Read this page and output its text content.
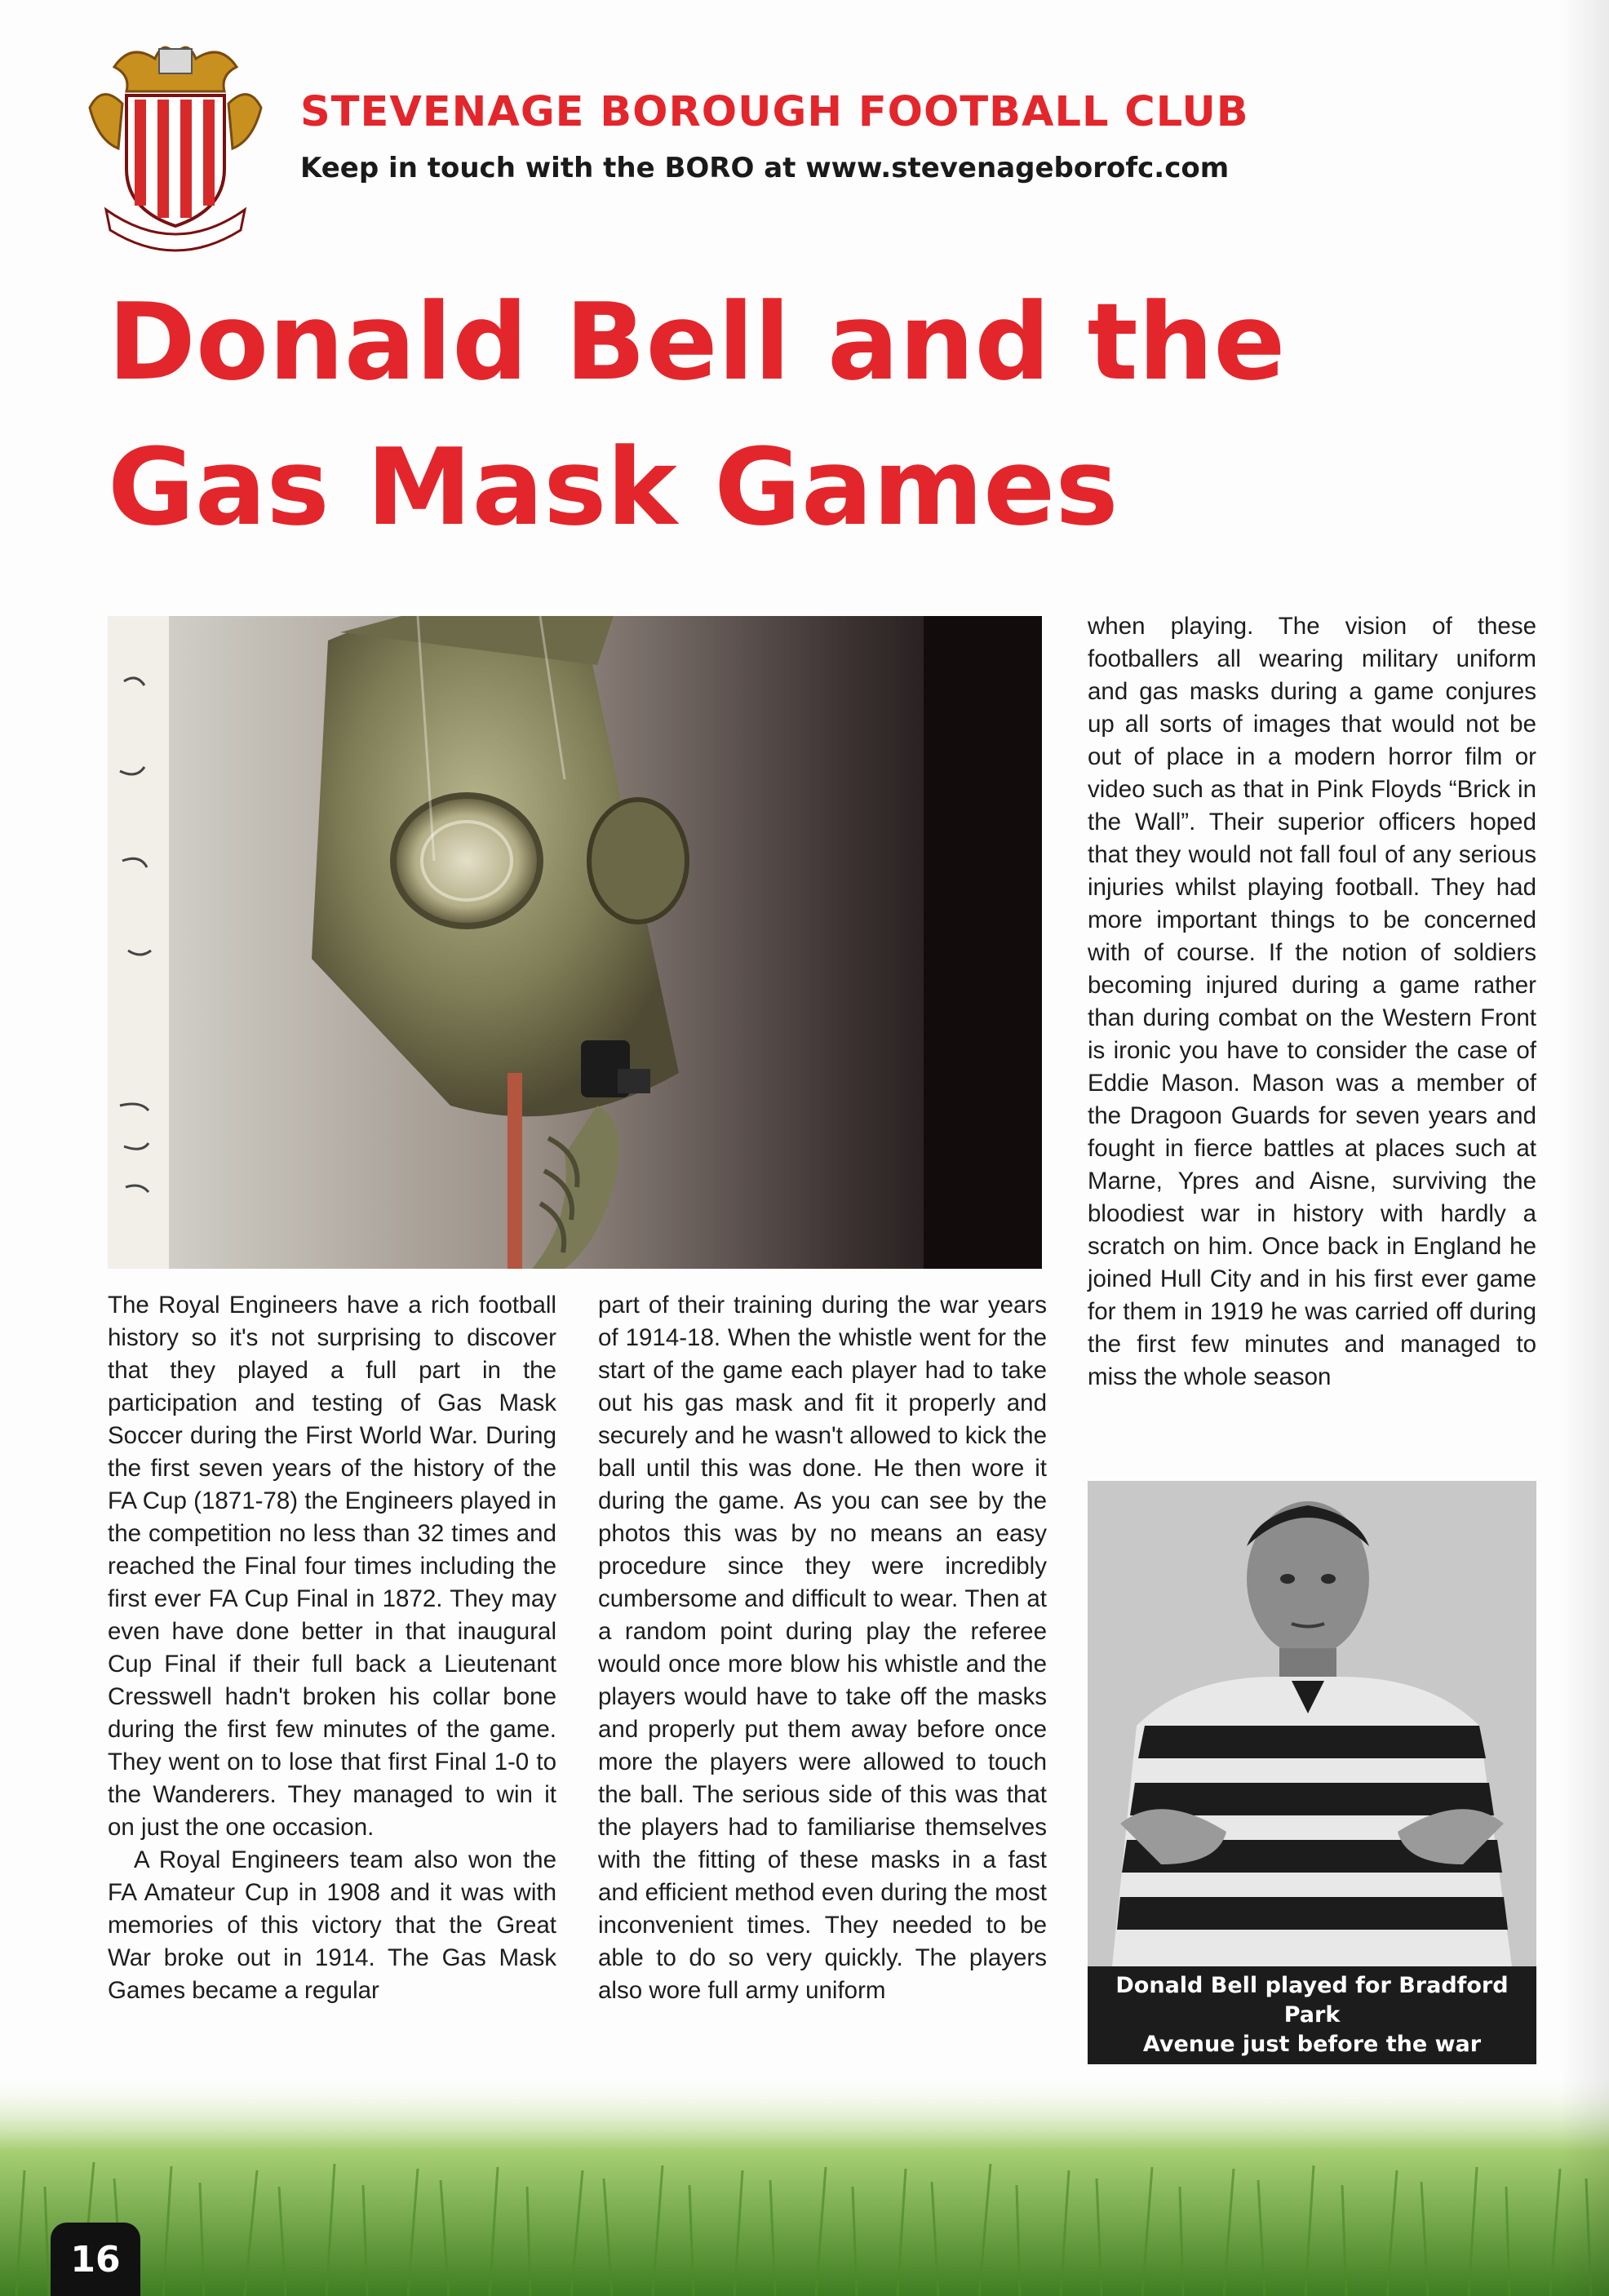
STEVENAGE BOROUGH FOOTBALL CLUB
Keep in touch with the BORO at www.stevenageborofc.com
Donald Bell and the
Gas Mask Games
Donald Bell played for Bradford Park
Avenue just before the war

The Royal Engineers have a rich football history so it's not surprising to discover that they played a full part in the participation and testing of Gas Mask Soccer during the First World War. During the first seven years of the history of the FA Cup (1871-78) the Engineers played in the competition no less than 32 times and reached the Final four times including the first ever FA Cup Final in 1872. They may even have done better in that inaugural Cup Final if their full back a Lieutenant Cresswell hadn't broken his collar bone during the first few minutes of the game. They went on to lose that first Final 1-0 to the Wanderers. They managed to win it on just the one occasion.

A Royal Engineers team also won the FA Amateur Cup in 1908 and it was with memories of this victory that the Great War broke out in 1914. The Gas Mask Games became a regular

part of their training during the war years of 1914-18. When the whistle went for the start of the game each player had to take out his gas mask and fit it properly and securely and he wasn't allowed to kick the ball until this was done. He then wore it during the game. As you can see by the photos this was by no means an easy procedure since they were incredibly cumbersome and difficult to wear. Then at a random point during play the referee would once more blow his whistle and the players would have to take off the masks and properly put them away before once more the players were allowed to touch the ball. The serious side of this was that the players had to familiarise themselves with the fitting of these masks in a fast and efficient method even during the most inconvenient times. They needed to be able to do so very quickly. The players also wore full army uniform

when playing. The vision of these footballers all wearing military uniform and gas masks during a game conjures up all sorts of images that would not be out of place in a modern horror film or video such as that in Pink Floyds “Brick in the Wall”. Their superior officers hoped that they would not fall foul of any serious injuries whilst playing football. They had more important things to be concerned with of course. If the notion of soldiers becoming injured during a game rather than during combat on the Western Front is ironic you have to consider the case of Eddie Mason. Mason was a member of the Dragoon Guards for seven years and fought in fierce battles at places such at Marne, Ypres and Aisne, surviving the bloodiest war in history with hardly a scratch on him. Once back in England he joined Hull City and in his first ever game for them in 1919 he was carried off during the first few minutes and managed to miss the whole season

16
